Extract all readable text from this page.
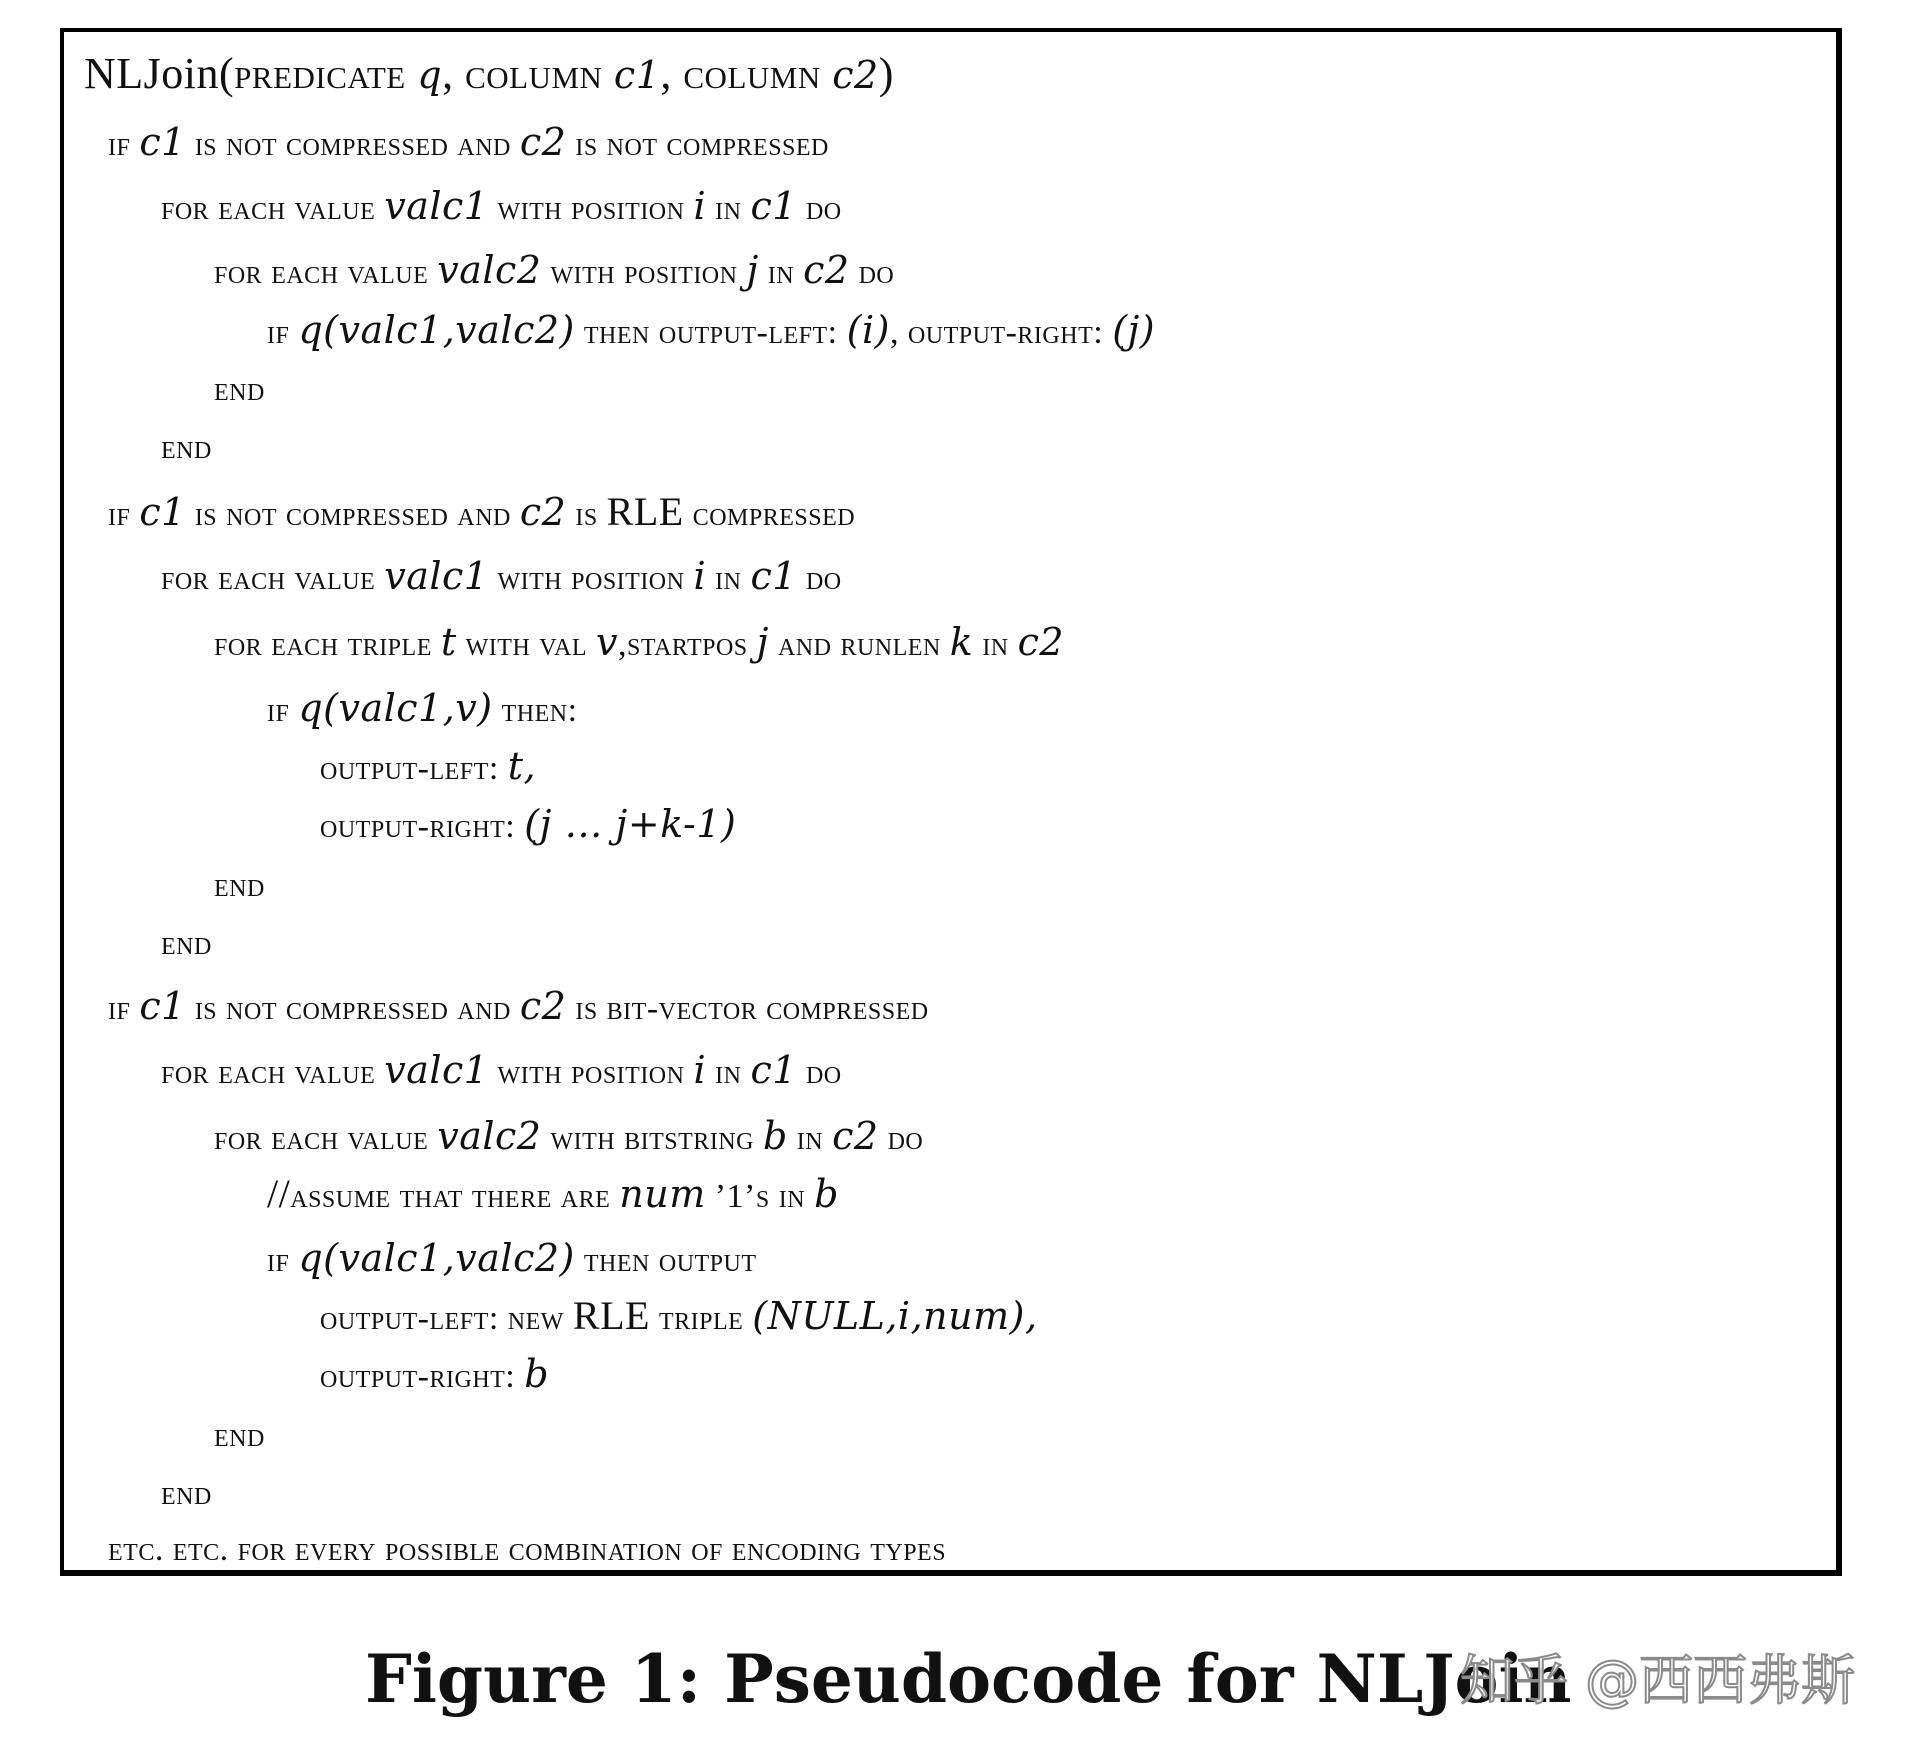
NLJoin(predicate q, column c1, column c2)
if c1 is not compressed and c2 is not compressed
for each value valc1 with position i in c1 do
for each value valc2 with position j in c2 do
if q(valc1,valc2) then output-left: (i), output-right: (j)
end
end
if c1 is not compressed and c2 is RLE compressed
for each value valc1 with position i in c1 do
for each triple t with val v,startpos j and runlen k in c2
if q(valc1,v) then:
output-left: t,
output-right: (j … j+k-1)
end
end
if c1 is not compressed and c2 is bit-vector compressed
for each value valc1 with position i in c1 do
for each value valc2 with bitstring b in c2 do
//assume that there are num ’1’s in b
if q(valc1,valc2) then output
output-left: new RLE triple (NULL,i,num),
output-right: b
end
end
etc. etc. for every possible combination of encoding types
Figure 1: Pseudocode for NLJoin
知乎 @西西弗斯
